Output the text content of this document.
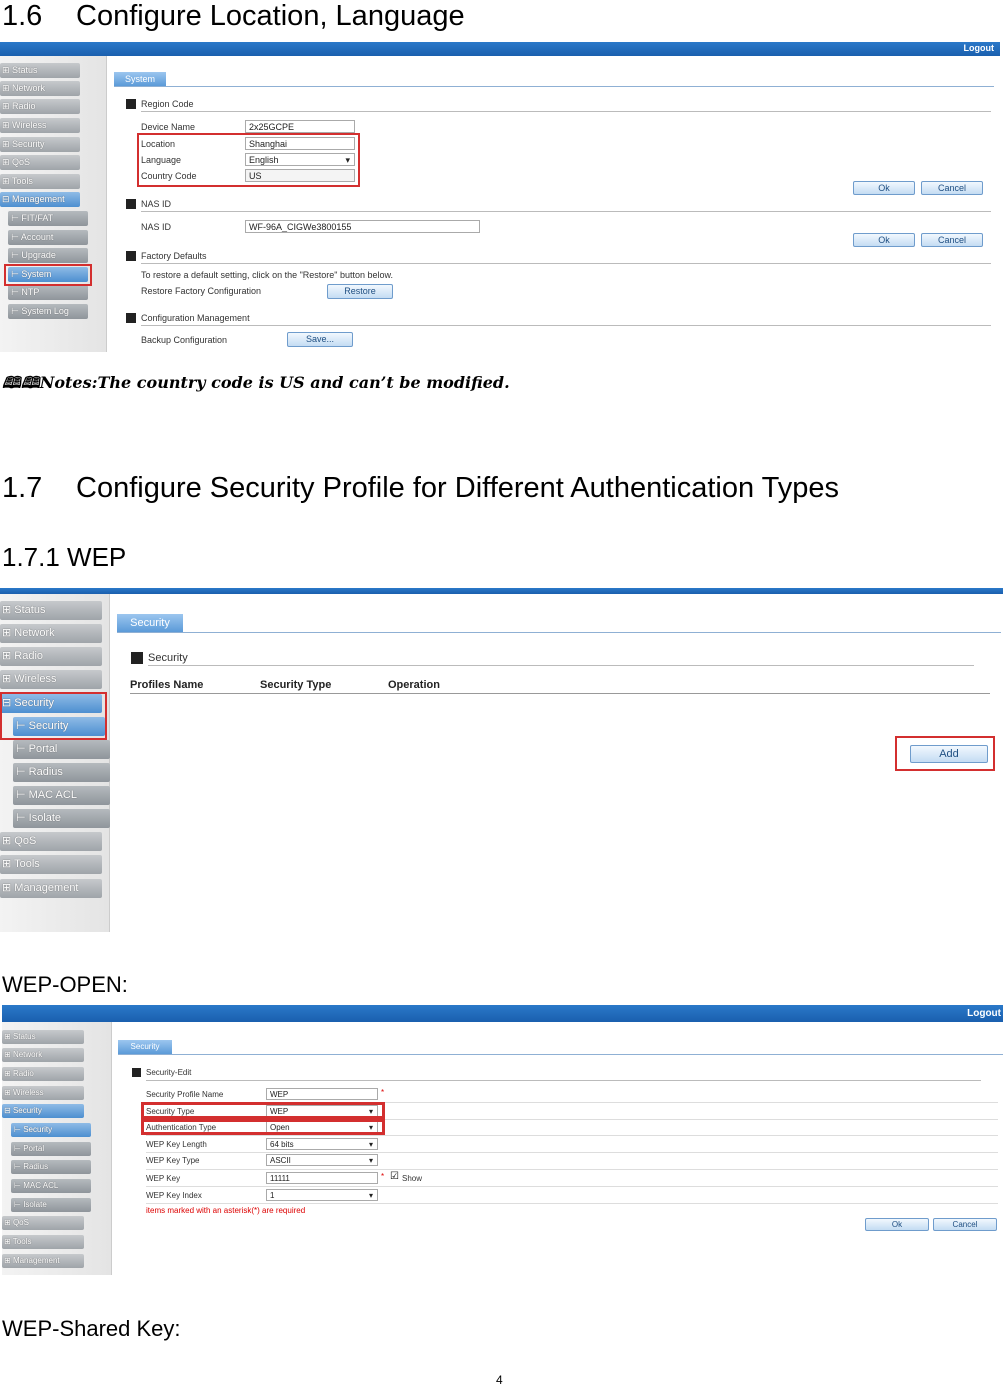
1.6 Configure Location, Language
Logout
⊞ Status
⊞ Network
⊞ Radio
⊞ Wireless
⊞ Security
⊞ QoS
⊞ Tools
⊟ Management
⊢ FIT/FAT
⊢ Account
⊢ Upgrade
⊢ System
⊢ NTP
⊢ System Log
System
Region Code
Device Name	2x25GCPE
Location	Shanghai
Language	English	▾
Country Code	US
Ok	Cancel
NAS ID
NAS ID	WF-96A_CIGWe3800155
Ok	Cancel
Factory Defaults
To restore a default setting, click on the "Restore" button below.
Restore Factory Configuration	Restore
Configuration Management
Backup Configuration	Save...
🕮🕮Notes:The country code is US and can’t be modified.
1.7 Configure Security Profile for Different Authentication Types
1.7.1 WEP
⊞ Status
⊞ Network
⊞ Radio
⊞ Wireless
⊟ Security
⊢ Security
⊢ Portal
⊢ Radius
⊢ MAC ACL
⊢ Isolate
⊞ QoS
⊞ Tools
⊞ Management
Security
Security
Profiles Name	Security Type	Operation
Add
WEP-OPEN:
Logout
⊞ Status
⊞ Network
⊞ Radio
⊞ Wireless
⊟ Security
⊢ Security
⊢ Portal
⊢ Radius
⊢ MAC ACL
⊢ Isolate
⊞ QoS
⊞ Tools
⊞ Management
Security
Security-Edit
Security Profile Name	WEP	*
Security Type	WEP	▾
Authentication Type	Open	▾
WEP Key Length	64 bits	▾
WEP Key Type	ASCII	▾
WEP Key	11111	* ☑ Show
WEP Key Index	1	▾
items marked with an asterisk(*) are required
Ok	Cancel
WEP-Shared Key:
4
